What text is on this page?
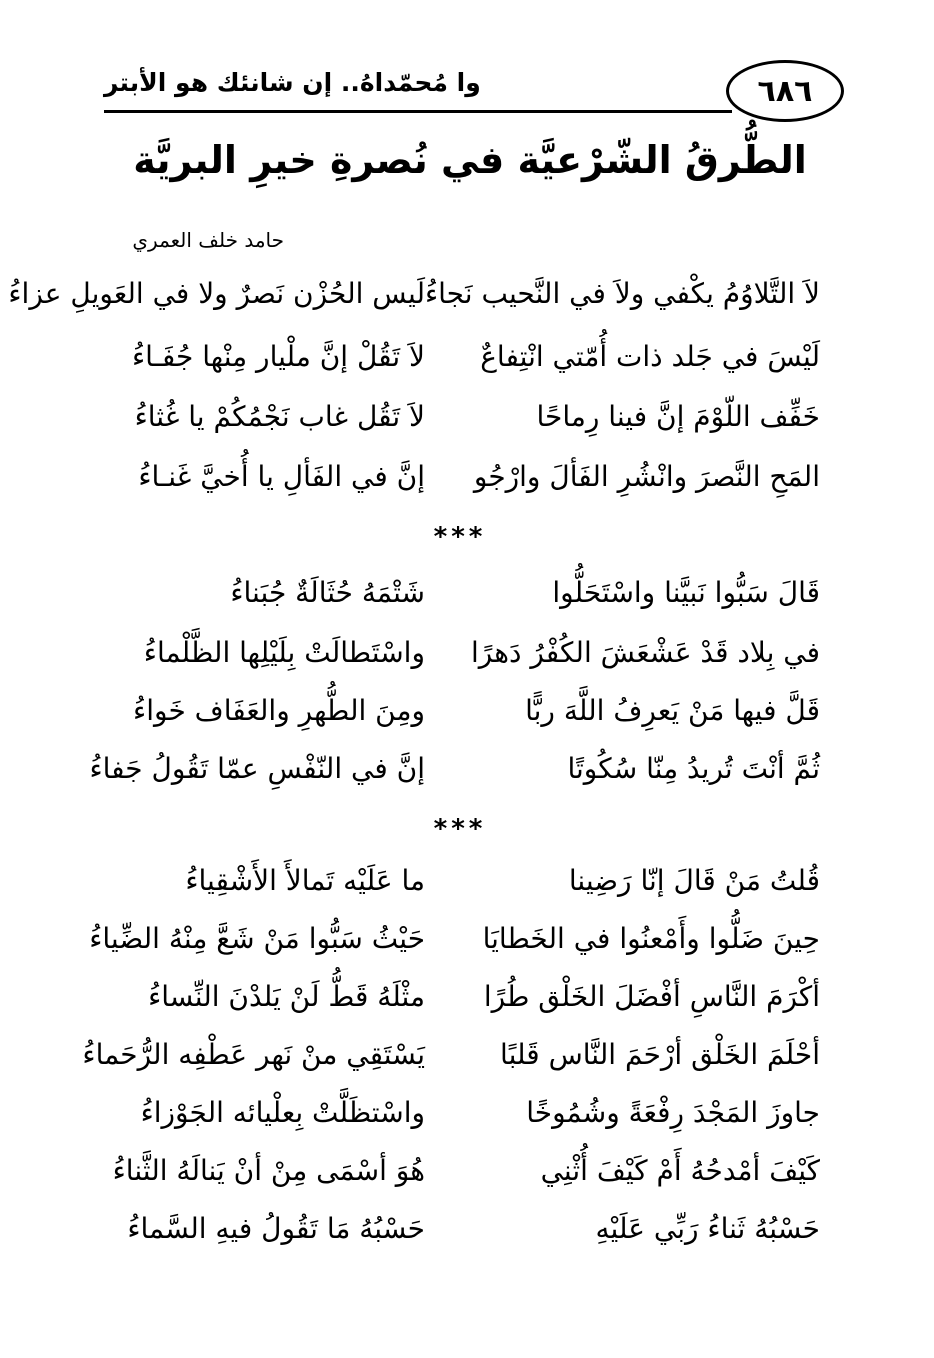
وا مُحمّداهُ.. إن شانئك هو الأبتر	٦٨٦
الطُّرقُ الشّرْعيَّة في نُصرةِ خيرِ البريَّة
حامد خلف العمري
لاَ التَّلاوُمُ يكْفي ولاَ في النَّحيب نَجاءُ
لَيس الحُزْن نَصرٌ ولا في العَويلِ عزاءُ
لَيْسَ في جَلد ذات أُمّتي انْتِفاعٌ
لاَ تَقُلْ إنَّ ملْيار مِنْها جُفَـاءُ
خَفِّف اللّوْمَ إنَّ فينا رِماحًا
لاَ تَقُل غاب نَجْمُكُمْ يا غُثاءُ
المَحِ النَّصرَ وانْشُرِ الفَألَ وارْجُو
إنَّ في الفَألِ يا أُخيَّ غَنـاءُ
***
قَالَ سَبُّوا نَبيَّنا واسْتَحَلُّوا
شَتْمَهُ حُثَالَةٌ جُبَناءُ
في بِلاد قَدْ عَشْعَشَ الكُفْرُ دَهرًا
واسْتَطالَتْ بِلَيْلِها الظَّلْماءُ
قَلَّ فيها مَنْ يَعرِفُ اللَّهَ ربًّا
ومِنَ الطُّهرِ والعَفَاف خَواءُ
ثُمَّ أنْتَ تُريدُ مِنّا سُكُوتًا
إنَّ في النّفْسِ عمّا تَقُولُ جَفاءُ
***
قُلتُ مَنْ قَالَ إنّا رَضِينا
ما عَلَيْه تَمالأَ الأَشْقِياءُ
حِينَ ضَلُّوا وأَمْعنُوا في الخَطايَا
حَيْثُ سَبُّوا مَنْ شَعَّ مِنْهُ الضِّياءُ
أكْرَمَ النَّاسِ أفْضَلَ الخَلْق طُرًا
مثْلَهُ قَطُّ لَنْ يَلدْنَ النِّساءُ
أحْلَمَ الخَلْق أرْحَمَ النَّاس قَلبًا
يَسْتَقِي منْ نَهر عَطْفِه الرُّحَماءُ
جاوزَ المَجْدَ رِفْعَةً وشُمُوخًا
واسْتظَلَّتْ بِعلْيائه الجَوْزاءُ
كَيْفَ أمْدحُهُ أَمْ كَيْفَ أُثْنِي
هُوَ أسْمَى مِنْ أنْ يَنالَهُ الثَّناءُ
حَسْبُهُ ثَناءُ رَبِّي عَلَيْهِ
حَسْبُهُ مَا تَقُولُ فيهِ السَّماءُ
